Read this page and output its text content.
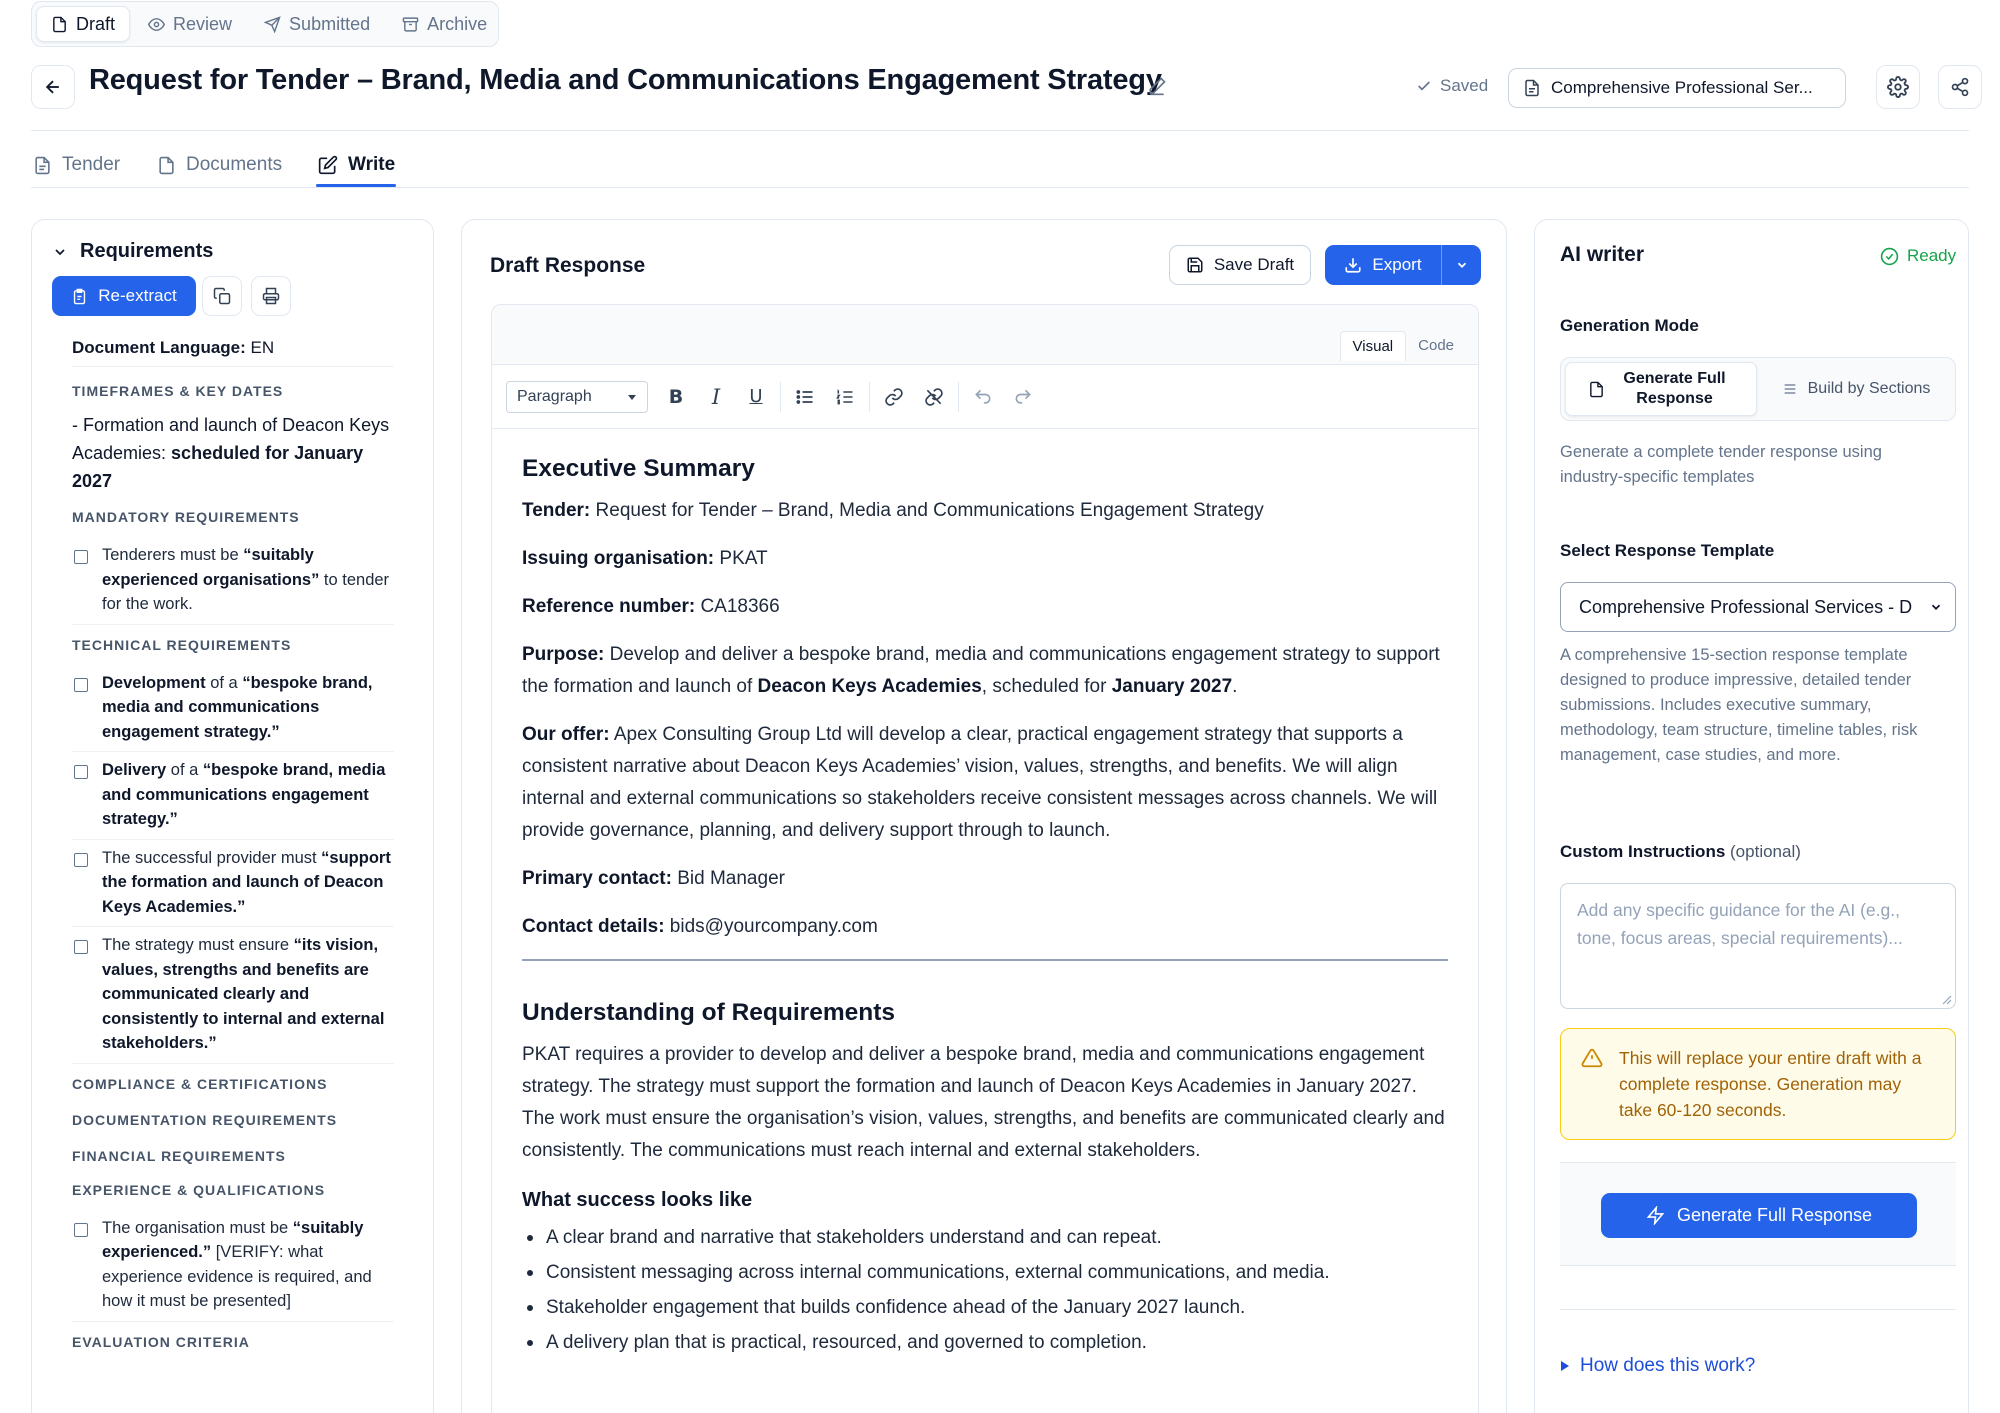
Draft	Review	Submitted	Archive
Request for Tender – Brand, Media and Communications Engagement Strategy	Saved	Comprehensive Professional Ser...
Tender	Documents	Write
Requirements
Re-extract
Document Language: EN
TIMEFRAMES & KEY DATES
- Formation and launch of Deacon Keys Academies: scheduled for January 2027
MANDATORY REQUIREMENTS
Tenderers must be “suitably experienced organisations” to tender for the work.
TECHNICAL REQUIREMENTS
Development of a “bespoke brand, media and communications engagement strategy.”
Delivery of a “bespoke brand, media and communications engagement strategy.”
The successful provider must “support the formation and launch of Deacon Keys Academies.”
The strategy must ensure “its vision, values, strengths and benefits are communicated clearly and consistently to internal and external stakeholders.”
COMPLIANCE & CERTIFICATIONS
DOCUMENTATION REQUIREMENTS
FINANCIAL REQUIREMENTS
EXPERIENCE & QUALIFICATIONS
The organisation must be “suitably experienced.” [VERIFY: what experience evidence is required, and how it must be presented]
EVALUATION CRITERIA
Draft Response	Save Draft	Export
Visual	Code
Paragraph	B	I	U
Executive Summary

Tender: Request for Tender – Brand, Media and Communications Engagement Strategy

Issuing organisation: PKAT

Reference number: CA18366

Purpose: Develop and deliver a bespoke brand, media and communications engagement strategy to support the formation and launch of Deacon Keys Academies, scheduled for January 2027.

Our offer: Apex Consulting Group Ltd will develop a clear, practical engagement strategy that supports a consistent narrative about Deacon Keys Academies’ vision, values, strengths, and benefits. We will align internal and external communications so stakeholders receive consistent messages across channels. We will provide governance, planning, and delivery support through to launch.

Primary contact: Bid Manager

Contact details: bids@yourcompany.com

Understanding of Requirements

PKAT requires a provider to develop and deliver a bespoke brand, media and communications engagement strategy. The strategy must support the formation and launch of Deacon Keys Academies in January 2027. The work must ensure the organisation’s vision, values, strengths, and benefits are communicated clearly and consistently. The communications must reach internal and external stakeholders.

What success looks like
A clear brand and narrative that stakeholders understand and can repeat.
Consistent messaging across internal communications, external communications, and media.
Stakeholder engagement that builds confidence ahead of the January 2027 launch.
A delivery plan that is practical, resourced, and governed to completion.
AI writer	Ready
Generation Mode
Generate Full Response
Build by Sections
Generate a complete tender response using industry-specific templates
Select Response Template
Comprehensive Professional Services - D
A comprehensive 15-section response template designed to produce impressive, detailed tender submissions. Includes executive summary, methodology, team structure, timeline tables, risk management, case studies, and more.
Custom Instructions (optional)
Add any specific guidance for the AI (e.g., tone, focus areas, special requirements)...
This will replace your entire draft with a complete response. Generation may take 60-120 seconds.
Generate Full Response
How does this work?
